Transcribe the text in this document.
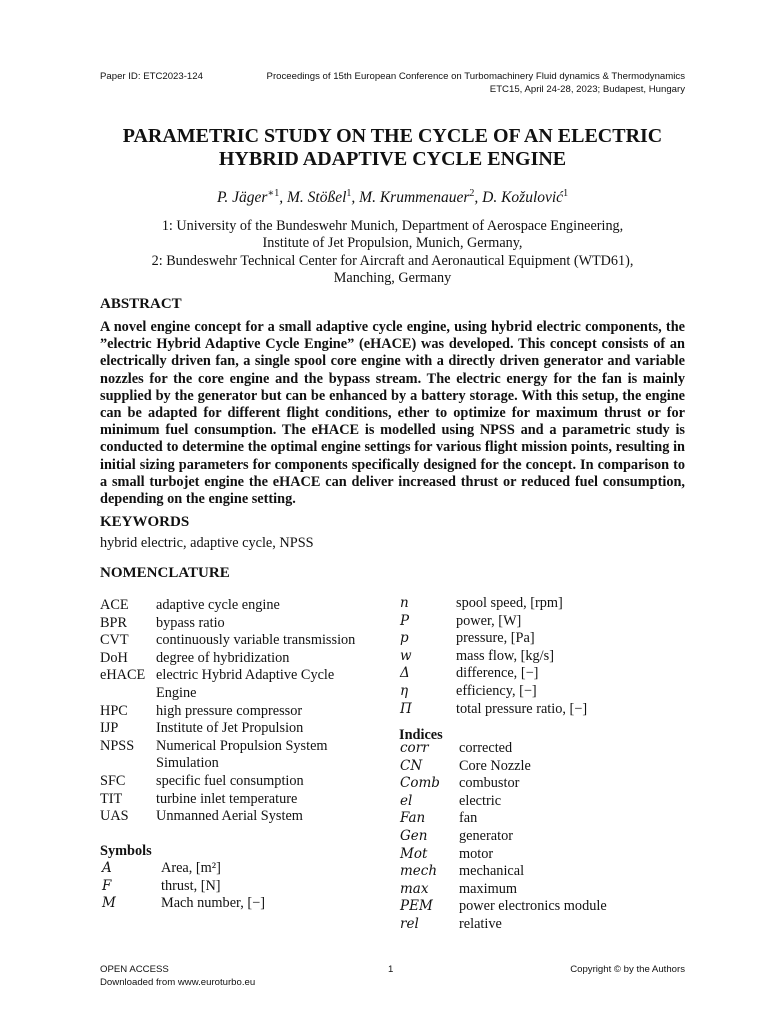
Paper ID: ETC2023-124	Proceedings of 15th European Conference on Turbomachinery Fluid dynamics & Thermodynamics
ETC15, April 24-28, 2023; Budapest, Hungary
PARAMETRIC STUDY ON THE CYCLE OF AN ELECTRIC
HYBRID ADAPTIVE CYCLE ENGINE
P. Jäger$^{∗1}$, M. Stößel$^1$, M. Krummenauer$^2$, D. Kožulović$^1$
1: University of the Bundeswehr Munich, Department of Aerospace Engineering,
Institute of Jet Propulsion, Munich, Germany,
2: Bundeswehr Technical Center for Aircraft and Aeronautical Equipment (WTD61),
Manching, Germany
ABSTRACT
A novel engine concept for a small adaptive cycle engine, using hybrid electric components, the ”electric Hybrid Adaptive Cycle Engine” (eHACE) was developed. This concept consists of an electrically driven fan, a single spool core engine with a directly driven generator and variable nozzles for the core engine and the bypass stream. The electric energy for the fan is mainly supplied by the generator but can be enhanced by a battery storage. With this setup, the engine can be adapted for different flight conditions, ether to optimize for maximum thrust or for minimum fuel consumption. The eHACE is modelled using NPSS and a parametric study is conducted to determine the optimal engine settings for various flight mission points, resulting in initial sizing parameters for components specifically designed for the concept. In comparison to a small turbojet engine the eHACE can deliver increased thrust or reduced fuel consumption, depending on the engine setting.
KEYWORDS
hybrid electric, adaptive cycle, NPSS
NOMENCLATURE
ACE adaptive cycle engine
BPR bypass ratio
CVT continuously variable transmission
DoH degree of hybridization
eHACE electric Hybrid Adaptive Cycle
Engine
HPC high pressure compressor
IJP	Institute of Jet Propulsion
NPSS Numerical Propulsion System
Simulation
SFC specific fuel consumption
TIT turbine inlet temperature
UAS Unmanned Aerial System
Symbols
A	Area, [m²]
F	thrust, [N]
M	Mach number, [−]
n	spool speed, [rpm]
P	power, [W]
p	pressure, [Pa]
w	mass flow, [kg/s]
Δ	difference, [−]
η	efficiency, [−]
Π	total pressure ratio, [−]
Indices
corr corrected
CN	Core Nozzle
Comb combustor
el	electric
Fan fan
Gen generator
Mot motor
mech mechanical
max maximum
PEM power electronics module
rel	relative
OPEN ACCESS
Downloaded from www.euroturbo.eu
1	Copyright © by the Authors
